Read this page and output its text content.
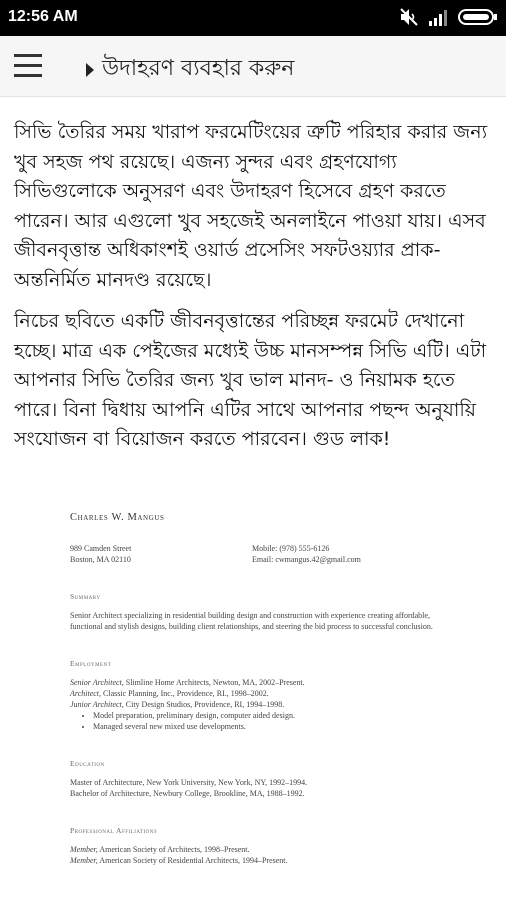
12:56 AM
উদাহরণ ব্যবহার করুন

সিভি তৈরির সময় খারাপ ফরমেটিংয়ের ত্রুটি পরিহার করার জন্য খুব সহজ পথ রয়েছে। এজন্য সুন্দর এবং গ্রহণযোগ্য সিভিগুলোকে অনুসরণ এবং উদাহরণ হিসেবে গ্রহণ করতে পারেন। আর এগুলো খুব সহজেই অনলাইনে পাওয়া যায়। এসব জীবনবৃত্তান্ত অধিকাংশই ওয়ার্ড প্রসেসিং সফটওয়্যার প্রাক-অন্তনির্মিত মানদণ্ড রয়েছে।

নিচের ছবিতে একটি জীবনবৃত্তান্তের পরিচ্ছন্ন ফরমেট দেখানো হচ্ছে। মাত্র এক পেইজের মধ্যেই উচ্চ মানসম্পন্ন সিভি এটি। এটা আপনার সিভি তৈরির জন্য খুব ভাল মানদ- ও নিয়ামক হতে পারে। বিনা দ্বিধায় আপনি এটির সাথে আপনার পছন্দ অনুযায়ি সংযোজন বা বিয়োজন করতে পারবেন। গুড লাক!

Charles W. Mangus
989 Camden Street
Boston, MA 02110
Mobile: (978) 555-6126
Email: cwmangus.42@gmail.com
Summary

Senior Architect specializing in residential building design and construction with experience creating affordable, functional and stylish designs, building client relationships, and steering the bid process to successful conclusion.

Employment

Senior Architect, Slimline Home Architects, Newton, MA, 2002–Present.

Architect, Classic Planning, Inc., Providence, RI., 1998–2002.

Junior Architect, City Design Studios, Providence, RI, 1994–1998.

• Model preparation, preliminary design, computer aided design.
• Managed several new mixed use developments.
Education

Master of Architecture, New York University, New York, NY, 1992–1994.

Bachelor of Architecture, Newbury College, Brookline, MA, 1988–1992.

Professional Affiliations

Member, American Society of Architects, 1998–Present.

Member, American Society of Residential Architects, 1994–Present.
